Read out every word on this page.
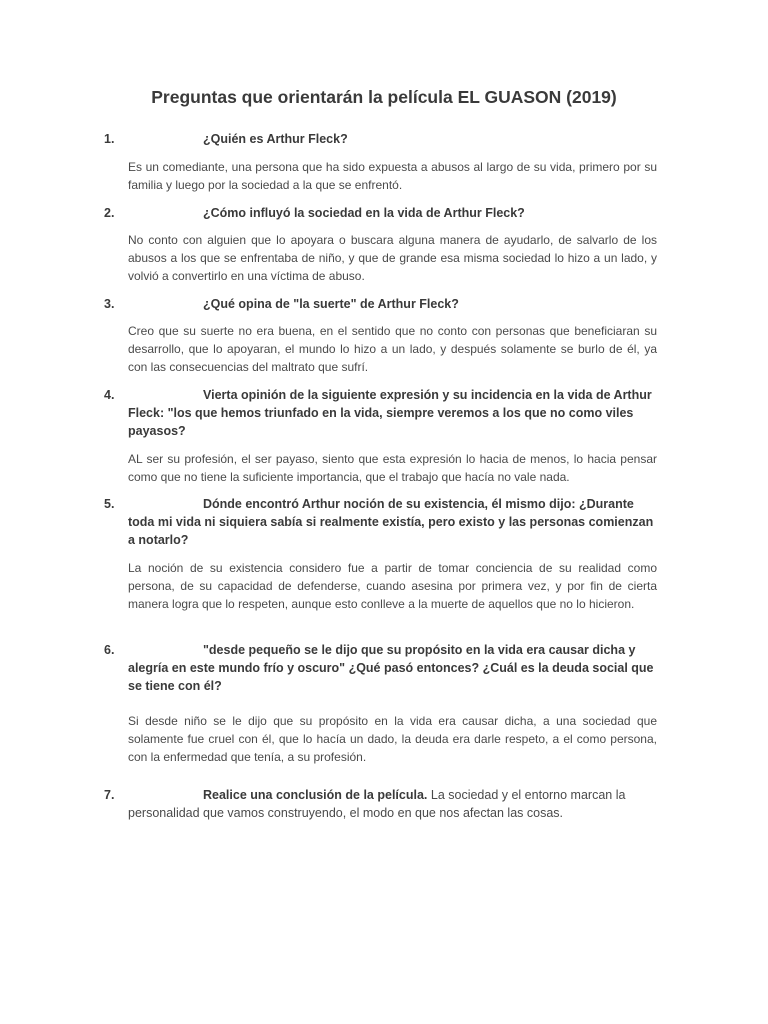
Preguntas que orientarán la película EL GUASON (2019)
1.	¿Quién es Arthur Fleck?
Es un comediante, una persona que ha sido expuesta a abusos al largo de su vida, primero por su familia y luego por la sociedad a la que se enfrentó.
2.	¿Cómo influyó la sociedad en la vida de Arthur Fleck?
No conto con alguien que lo apoyara o buscara alguna manera de ayudarlo, de salvarlo de los abusos a los que se enfrentaba de niño, y que de grande esa misma sociedad lo hizo a un lado, y volvió a convertirlo en una víctima de abuso.
3.	¿Qué opina de "la suerte" de Arthur Fleck?
Creo que su suerte no era buena, en el sentido que no conto con personas que beneficiaran su desarrollo, que lo apoyaran, el mundo lo hizo a un lado, y después solamente se burlo de él, ya con las consecuencias del maltrato que sufrí.
4.	Vierta opinión de la siguiente expresión y su incidencia en la vida de Arthur Fleck: "los que hemos triunfado en la vida, siempre veremos a los que no como viles payasos?
AL ser su profesión, el ser payaso, siento que esta expresión lo hacia de menos, lo hacia pensar como que no tiene la suficiente importancia, que el trabajo que hacía no vale nada.
5.	Dónde encontró Arthur noción de su existencia, él mismo dijo: ¿Durante toda mi vida ni siquiera sabía si realmente existía, pero existo y las personas comienzan a notarlo?
La noción de su existencia considero fue a partir de tomar conciencia de su realidad como persona, de su capacidad de defenderse, cuando asesina por primera vez, y por fin de cierta manera logra que lo respeten, aunque esto conlleve a la muerte de aquellos que no lo hicieron.
6.	"desde pequeño se le dijo que su propósito en la vida era causar dicha y alegría en este mundo frío y oscuro" ¿Qué pasó entonces? ¿Cuál es la deuda social que se tiene con él?
Si desde niño se le dijo que su propósito en la vida era causar dicha, a una sociedad que solamente fue cruel con él, que lo hacía un dado, la deuda era darle respeto, a el como persona, con la enfermedad que tenía, a su profesión.
7.	Realice una conclusión de la película. La sociedad y el entorno marcan la personalidad que vamos construyendo, el modo en que nos afectan las cosas.
